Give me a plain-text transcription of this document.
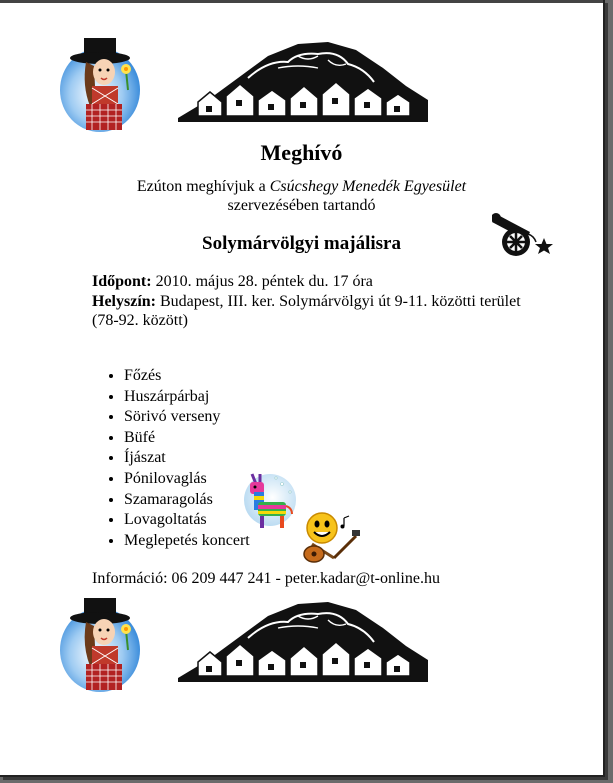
Meghívó
Ezúton meghívjuk a Csúcshegy Menedék Egyesület
szervezésében tartandó
Solymárvölgyi majálisra
Időpont: 2010. május 28. péntek du. 17 óra
Helyszín: Budapest, III. ker. Solymárvölgyi út 9-11. közötti terület (78-92. között)
• Főzés
• Huszárpárbaj
• Sörivó verseny
• Büfé
• Íjászat
• Pónilovaglás
• Szamaragolás
• Lovagoltatás
• Meglepetés koncert
Információ: 06 209 447 241 - peter.kadar@t-online.hu
